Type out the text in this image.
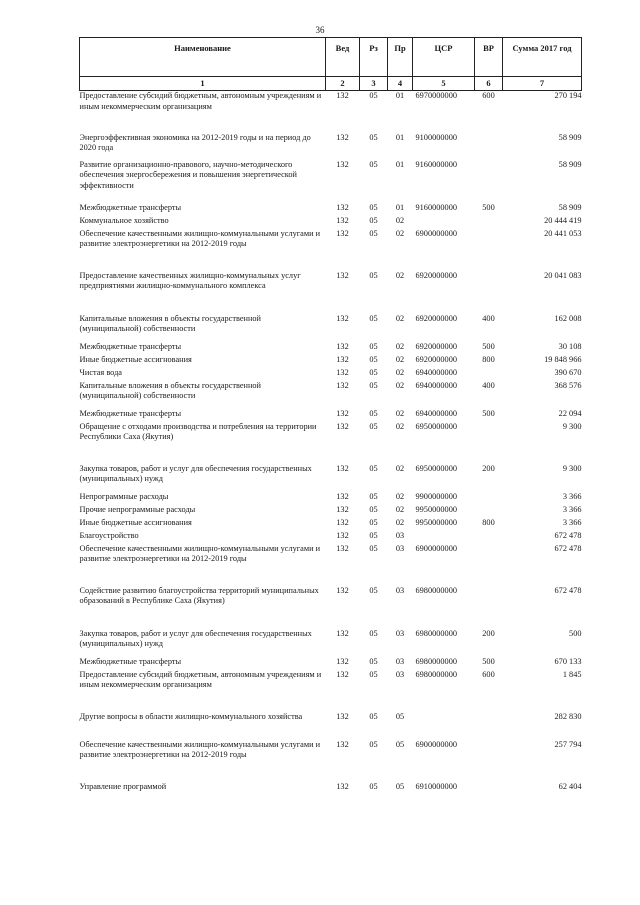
36
Наименование	Вед	Рз	Пр	ЦСР	ВР	Сумма 2017 год
1	2	3	4	5	6	7
Предоставление субсидий бюджетным, автономным учреждениям и иным некоммерческим организациям	132	05	01	6970000000	600	270 194
Энергоэффективная экономика на 2012-2019 годы и на период до 2020 года	132	05	01	9100000000		58 909
Развитие организационно-правового, научно-методического обеспечения энергосбережения и повышения энергетической эффективности	132	05	01	9160000000		58 909
Межбюджетные трансферты	132	05	01	9160000000	500	58 909
Коммунальное хозяйство	132	05	02			20 444 419
Обеспечение качественными жилищно-коммунальными услугами и развитие электроэнергетики на 2012-2019 годы	132	05	02	6900000000		20 441 053
Предоставление качественных жилищно-коммунальных услуг предприятиями жилищно-коммунального комплекса	132	05	02	6920000000		20 041 083
Капитальные вложения в объекты государственной (муниципальной) собственности	132	05	02	6920000000	400	162 008
Межбюджетные трансферты	132	05	02	6920000000	500	30 108
Иные бюджетные ассигнования	132	05	02	6920000000	800	19 848 966
Чистая вода	132	05	02	6940000000		390 670
Капитальные вложения в объекты государственной (муниципальной) собственности	132	05	02	6940000000	400	368 576
Межбюджетные трансферты	132	05	02	6940000000	500	22 094
Обращение с отходами производства и потребления на территории Республики Саха (Якутия)	132	05	02	6950000000		9 300
Закупка товаров, работ и услуг для обеспечения государственных (муниципальных) нужд	132	05	02	6950000000	200	9 300
Непрограммные расходы	132	05	02	9900000000		3 366
Прочие непрограммные расходы	132	05	02	9950000000		3 366
Иные бюджетные ассигнования	132	05	02	9950000000	800	3 366
Благоустройство	132	05	03			672 478
Обеспечение качественными жилищно-коммунальными услугами и развитие электроэнергетики на 2012-2019 годы	132	05	03	6900000000		672 478
Содействие развитию благоустройства территорий муниципальных образований в Республике Саха (Якутия)	132	05	03	6980000000		672 478
Закупка товаров, работ и услуг для обеспечения государственных (муниципальных) нужд	132	05	03	6980000000	200	500
Межбюджетные трансферты	132	05	03	6980000000	500	670 133
Предоставление субсидий бюджетным, автономным учреждениям и иным некоммерческим организациям	132	05	03	6980000000	600	1 845
Другие вопросы в области жилищно-коммунального хозяйства	132	05	05			282 830
Обеспечение качественными жилищно-коммунальными услугами и развитие электроэнергетики на 2012-2019 годы	132	05	05	6900000000		257 794
Управление программой	132	05	05	6910000000		62 404
